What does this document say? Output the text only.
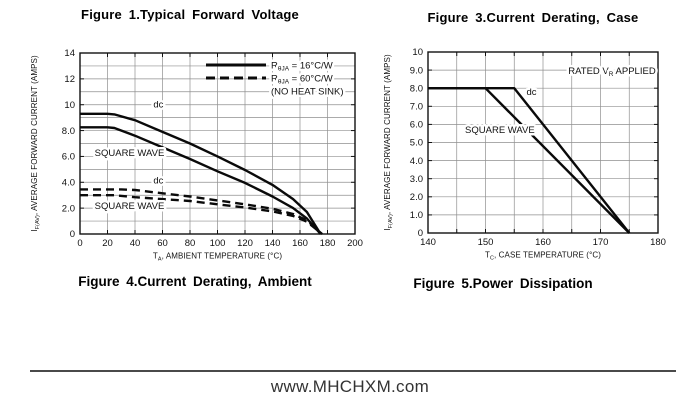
Figure 1.Typical Forward Voltage	Figure 3.Current Derating, Case
0 20 40 60 80 100 120 140 160 180 200
14
12
10
8.0
6.0
4.0
2.0
0
$T_A$, AMBIENT TEMPERATURE (°C)
$I_{F(AV)}$, AVERAGE FORWARD CURRENT (AMPS)	dc
SQUARE WAVE
dc
SQUARE WAVE
$R_{\theta JA} = 16^\circ C/W$
$R_{\theta JA} = 60^\circ C/W$
(NO HEAT SINK)
140	150	160	170	180
10
9.0
8.0
7.0
6.0
5.0
4.0
3.0
2.0
1.0
0
$T_C$, CASE TEMPERATURE (°C)
$I_{F(AV)}$, AVERAGE FORWARD CURRENT (AMPS)	dc
SQUARE WAVE
RATED $V_R$ APPLIED
Figure 4.Current Derating, Ambient	Figure 5.Power Dissipation
www.MHCHXM.com
